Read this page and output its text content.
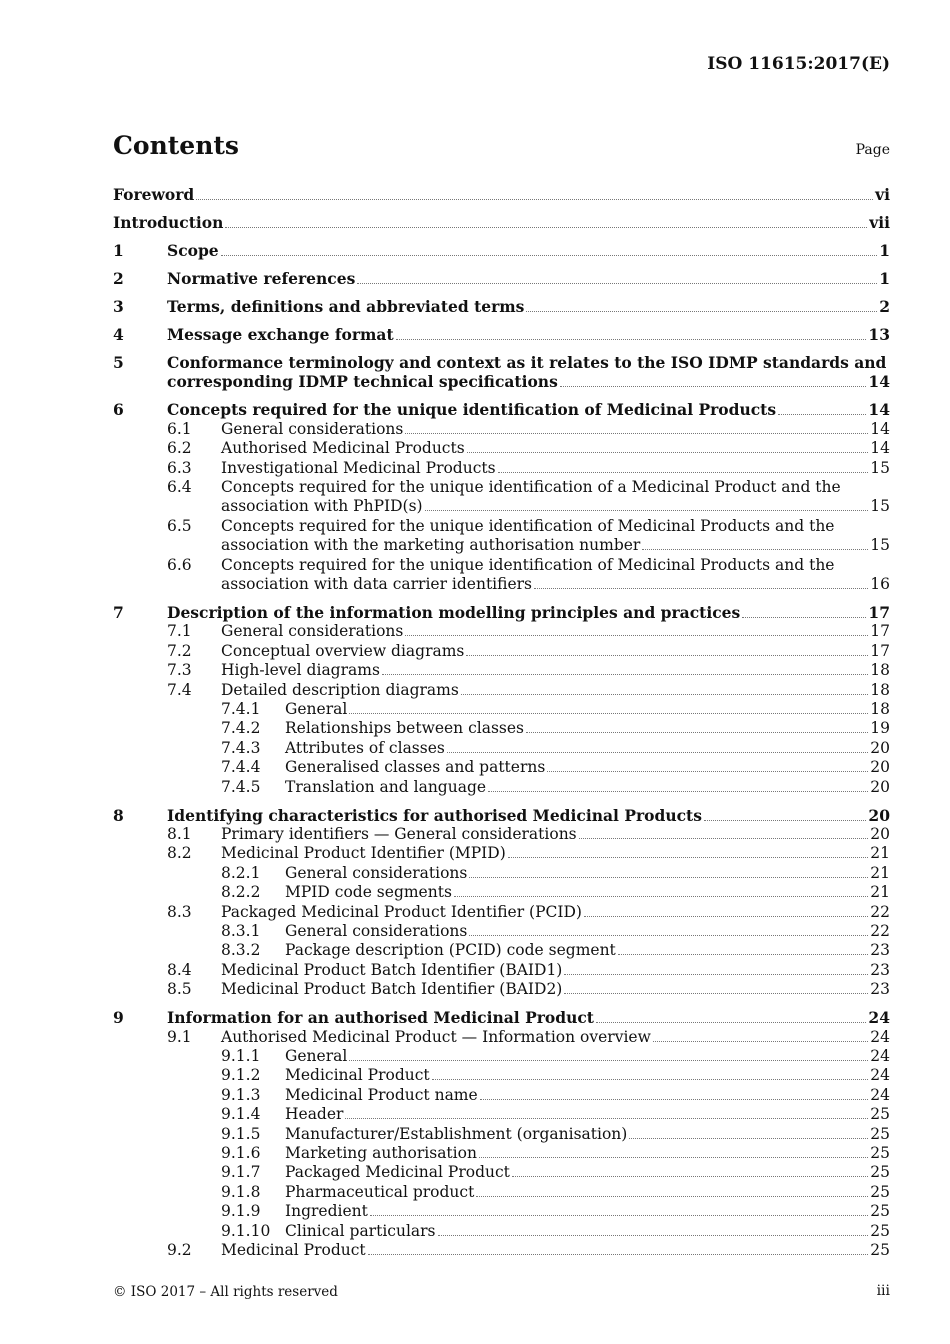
ISO 11615:2017(E)
Contents	Page
Foreword	vi
Introduction	vii
1	Scope	1
2	Normative references	1
3	Terms, definitions and abbreviated terms	2
4	Message exchange format	13
5	Conformance terminology and context as it relates to the ISO IDMP standards and
corresponding IDMP technical specifications	14
6	Concepts required for the unique identification of Medicinal Products	14
6.1 General considerations	14
6.2 Authorised Medicinal Products	14
6.3 Investigational Medicinal Products	15
6.4 Concepts required for the unique identification of a Medicinal Product and the
association with PhPID(s)	15
6.5 Concepts required for the unique identification of Medicinal Products and the
association with the marketing authorisation number	15
6.6 Concepts required for the unique identification of Medicinal Products and the
association with data carrier identifiers	16
7	Description of the information modelling principles and practices	17
7.1 General considerations	17
7.2 Conceptual overview diagrams	17
7.3 High-level diagrams	18
7.4 Detailed description diagrams	18
7.4.1 General	18
7.4.2 Relationships between classes	19
7.4.3 Attributes of classes	20
7.4.4 Generalised classes and patterns	20
7.4.5 Translation and language	20
8	Identifying characteristics for authorised Medicinal Products	20
8.1 Primary identifiers — General considerations	20
8.2 Medicinal Product Identifier (MPID)	21
8.2.1 General considerations	21
8.2.2 MPID code segments	21
8.3 Packaged Medicinal Product Identifier (PCID)	22
8.3.1 General considerations	22
8.3.2 Package description (PCID) code segment	23
8.4 Medicinal Product Batch Identifier (BAID1)	23
8.5 Medicinal Product Batch Identifier (BAID2)	23
9	Information for an authorised Medicinal Product	24
9.1 Authorised Medicinal Product — Information overview	24
9.1.1 General	24
9.1.2 Medicinal Product	24
9.1.3 Medicinal Product name	24
9.1.4 Header	25
9.1.5 Manufacturer/Establishment (organisation)	25
9.1.6 Marketing authorisation	25
9.1.7 Packaged Medicinal Product	25
9.1.8 Pharmaceutical product	25
9.1.9 Ingredient	25
9.1.10 Clinical particulars	25
9.2 Medicinal Product	25
© ISO 2017 – All rights reserved	iii
